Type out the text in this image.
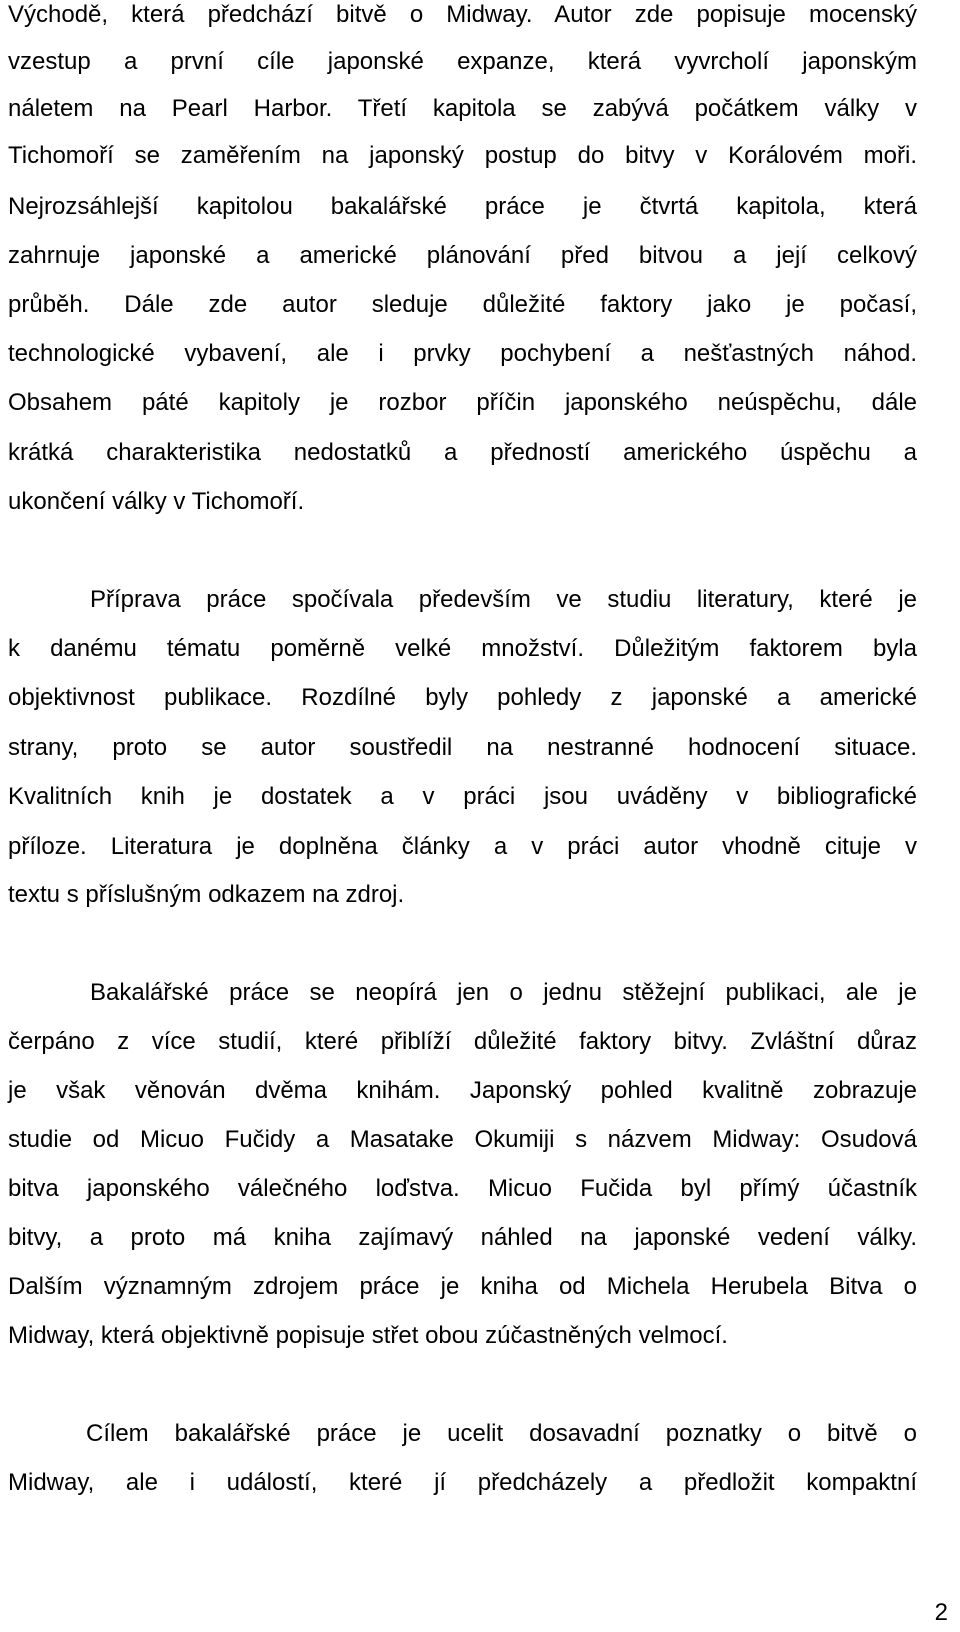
Východě, která předchází bitvě o Midway. Autor zde popisuje mocenský
vzestup a první cíle japonské expanze, která vyvrcholí japonským
náletem na Pearl Harbor. Třetí kapitola se zabývá počátkem války v
Tichomoří se zaměřením na japonský postup do bitvy v Korálovém moři.
Nejrozsáhlejší kapitolou bakalářské práce je čtvrtá kapitola, která
zahrnuje japonské a americké plánování před bitvou a její celkový
průběh. Dále zde autor sleduje důležité faktory jako je počasí,
technologické vybavení, ale i prvky pochybení a nešťastných náhod.
Obsahem páté kapitoly je rozbor příčin japonského neúspěchu, dále
krátká charakteristika nedostatků a předností amerického úspěchu a
ukončení války v Tichomoří.
Příprava práce spočívala především ve studiu literatury, které je
k danému tématu poměrně velké množství. Důležitým faktorem byla
objektivnost publikace. Rozdílné byly pohledy z japonské a americké
strany, proto se autor soustředil na nestranné hodnocení situace.
Kvalitních knih je dostatek a v práci jsou uváděny v bibliografické
příloze. Literatura je doplněna články a v práci autor vhodně cituje v
textu s příslušným odkazem na zdroj.
Bakalářské práce se neopírá jen o jednu stěžejní publikaci, ale je
čerpáno z více studií, které přiblíží důležité faktory bitvy. Zvláštní důraz
je však věnován dvěma knihám. Japonský pohled kvalitně zobrazuje
studie od Micuo Fučidy a Masatake Okumiji s názvem Midway: Osudová
bitva japonského válečného loďstva. Micuo Fučida byl přímý účastník
bitvy, a proto má kniha zajímavý náhled na japonské vedení války.
Dalším významným zdrojem práce je kniha od Michela Herubela Bitva o
Midway, která objektivně popisuje střet obou zúčastněných velmocí.
Cílem bakalářské práce je ucelit dosavadní poznatky o bitvě o
Midway, ale i událostí, které jí předcházely a předložit kompaktní
2
